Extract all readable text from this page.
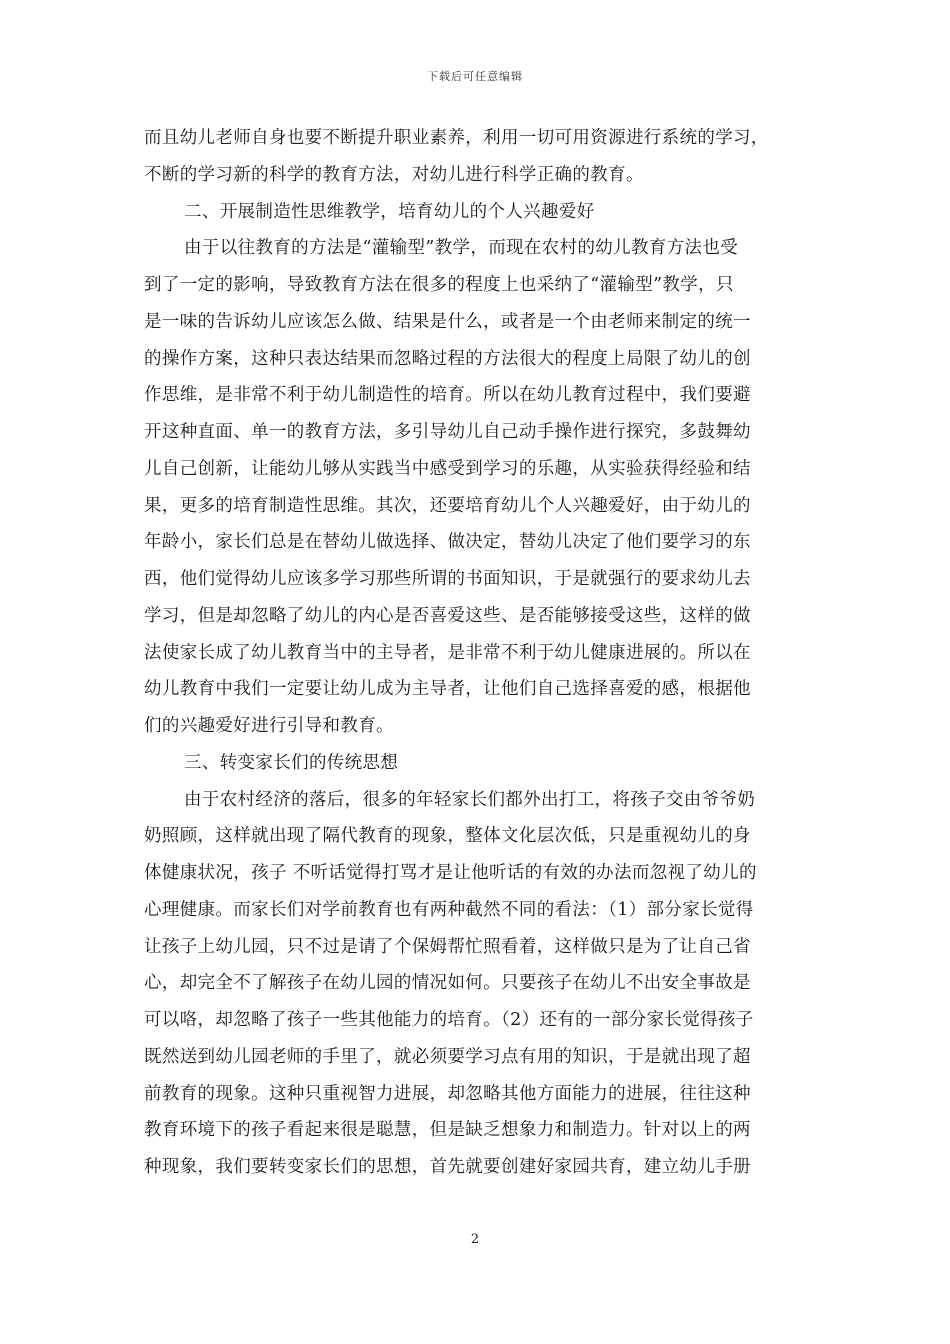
下载后可任意编辑
而且幼儿老师自身也要不断提升职业素养，利用一切可用资源进行系统的学习，
不断的学习新的科学的教育方法，对幼儿进行科学正确的教育。
二、开展制造性思维教学，培育幼儿的个人兴趣爱好
由于以往教育的方法是“灌输型”教学，而现在农村的幼儿教育方法也受
到了一定的影响，导致教育方法在很多的程度上也采纳了“灌输型”教学，只
是一味的告诉幼儿应该怎么做、结果是什么，或者是一个由老师来制定的统一
的操作方案，这种只表达结果而忽略过程的方法很大的程度上局限了幼儿的创
作思维，是非常不利于幼儿制造性的培育。所以在幼儿教育过程中，我们要避
开这种直面、单一的教育方法，多引导幼儿自己动手操作进行探究，多鼓舞幼
儿自己创新，让能幼儿够从实践当中感受到学习的乐趣，从实验获得经验和结
果，更多的培育制造性思维。其次，还要培育幼儿个人兴趣爱好，由于幼儿的
年龄小，家长们总是在替幼儿做选择、做决定，替幼儿决定了他们要学习的东
西，他们觉得幼儿应该多学习那些所谓的书面知识，于是就强行的要求幼儿去
学习，但是却忽略了幼儿的内心是否喜爱这些、是否能够接受这些，这样的做
法使家长成了幼儿教育当中的主导者，是非常不利于幼儿健康进展的。所以在
幼儿教育中我们一定要让幼儿成为主导者，让他们自己选择喜爱的感，根据他
们的兴趣爱好进行引导和教育。
三、转变家长们的传统思想
由于农村经济的落后，很多的年轻家长们都外出打工，将孩子交由爷爷奶
奶照顾，这样就出现了隔代教育的现象，整体文化层次低，只是重视幼儿的身
体健康状况，孩子 不听话觉得打骂才是让他听话的有效的办法而忽视了幼儿的
心理健康。而家长们对学前教育也有两种截然不同的看法：（1）部分家长觉得
让孩子上幼儿园，只不过是请了个保姆帮忙照看着，这样做只是为了让自己省
心，却完全不了解孩子在幼儿园的情况如何。只要孩子在幼儿不出安全事故是
可以咯，却忽略了孩子一些其他能力的培育。（2）还有的一部分家长觉得孩子
既然送到幼儿园老师的手里了，就必须要学习点有用的知识，于是就出现了超
前教育的现象。这种只重视智力进展，却忽略其他方面能力的进展，往往这种
教育环境下的孩子看起来很是聪慧，但是缺乏想象力和制造力。针对以上的两
种现象，我们要转变家长们的思想，首先就要创建好家园共育，建立幼儿手册
2
